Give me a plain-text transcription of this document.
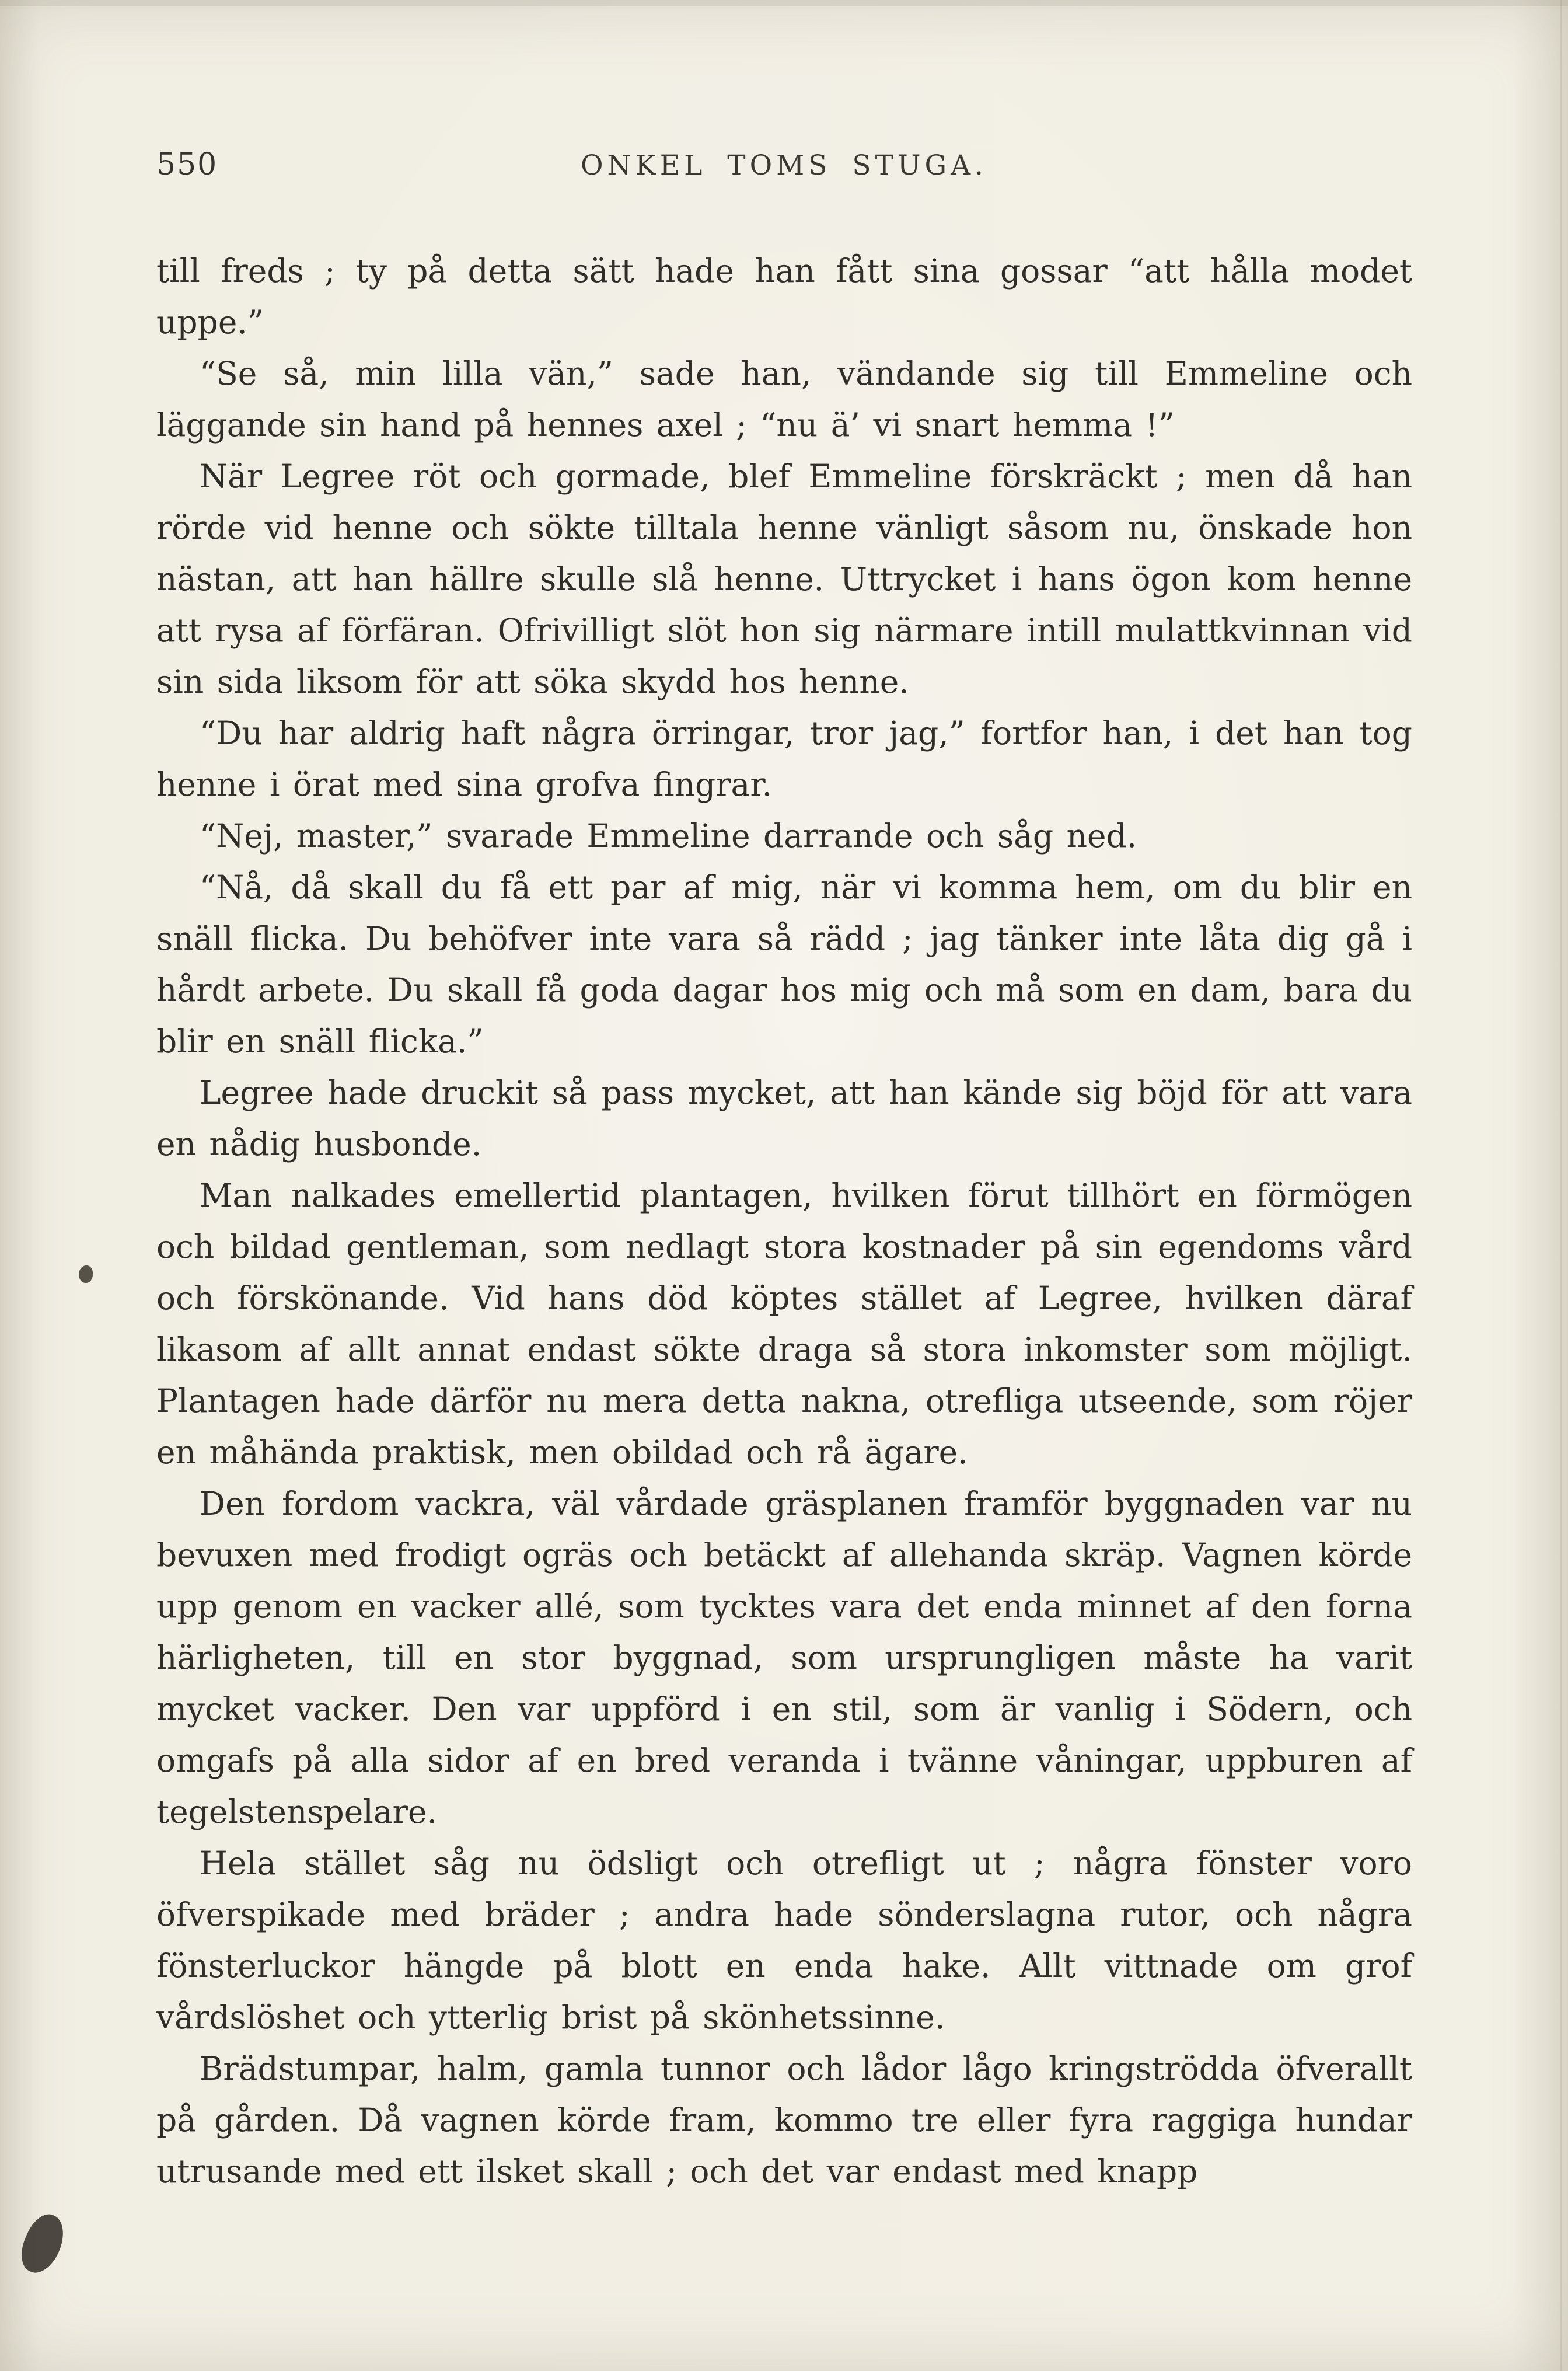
550	ONKEL TOMS STUGA.

till freds ; ty på detta sätt hade han fått sina gossar “att hålla modet uppe.”

“Se så, min lilla vän,” sade han, vändande sig till Emmeline och läggande sin hand på hennes axel ; “nu ä’ vi snart hemma !”

När Legree röt och gormade, blef Emmeline förskräckt ; men då han rörde vid henne och sökte tilltala henne vänligt såsom nu, önskade hon nästan, att han hällre skulle slå henne. Uttrycket i hans ögon kom henne att rysa af förfäran. Ofrivilligt slöt hon sig närmare intill mulattkvinnan vid sin sida liksom för att söka skydd hos henne.

“Du har aldrig haft några örringar, tror jag,” fortfor han, i det han tog henne i örat med sina grofva fingrar.

“Nej, master,” svarade Emmeline darrande och såg ned.

“Nå, då skall du få ett par af mig, när vi komma hem, om du blir en snäll flicka. Du behöfver inte vara så rädd ; jag tänker inte låta dig gå i hårdt arbete. Du skall få goda dagar hos mig och må som en dam, bara du blir en snäll flicka.”

Legree hade druckit så pass mycket, att han kände sig böjd för att vara en nådig husbonde.

Man nalkades emellertid plantagen, hvilken förut tillhört en förmögen och bildad gentleman, som nedlagt stora kostnader på sin egendoms vård och förskönande. Vid hans död köptes stället af Legree, hvilken däraf likasom af allt annat endast sökte draga så stora inkomster som möjligt. Plantagen hade därför nu mera detta nakna, otrefliga utseende, som röjer en måhända praktisk, men obildad och rå ägare.

Den fordom vackra, väl vårdade gräsplanen framför byggnaden var nu bevuxen med frodigt ogräs och betäckt af allehanda skräp. Vagnen körde upp genom en vacker allé, som tycktes vara det enda minnet af den forna härligheten, till en stor byggnad, som ursprungligen måste ha varit mycket vacker. Den var uppförd i en stil, som är vanlig i Södern, och omgafs på alla sidor af en bred veranda i tvänne våningar, uppburen af tegelstenspelare.

Hela stället såg nu ödsligt och otrefligt ut ; några fönster voro öfverspikade med bräder ; andra hade sönderslagna rutor, och några fönsterluckor hängde på blott en enda hake. Allt vittnade om grof vårdslöshet och ytterlig brist på skönhetssinne.

Brädstumpar, halm, gamla tunnor och lådor lågo kringströdda öfverallt på gården. Då vagnen körde fram, kommo tre eller fyra raggiga hundar utrusande med ett ilsket skall ; och det var endast med knapp
